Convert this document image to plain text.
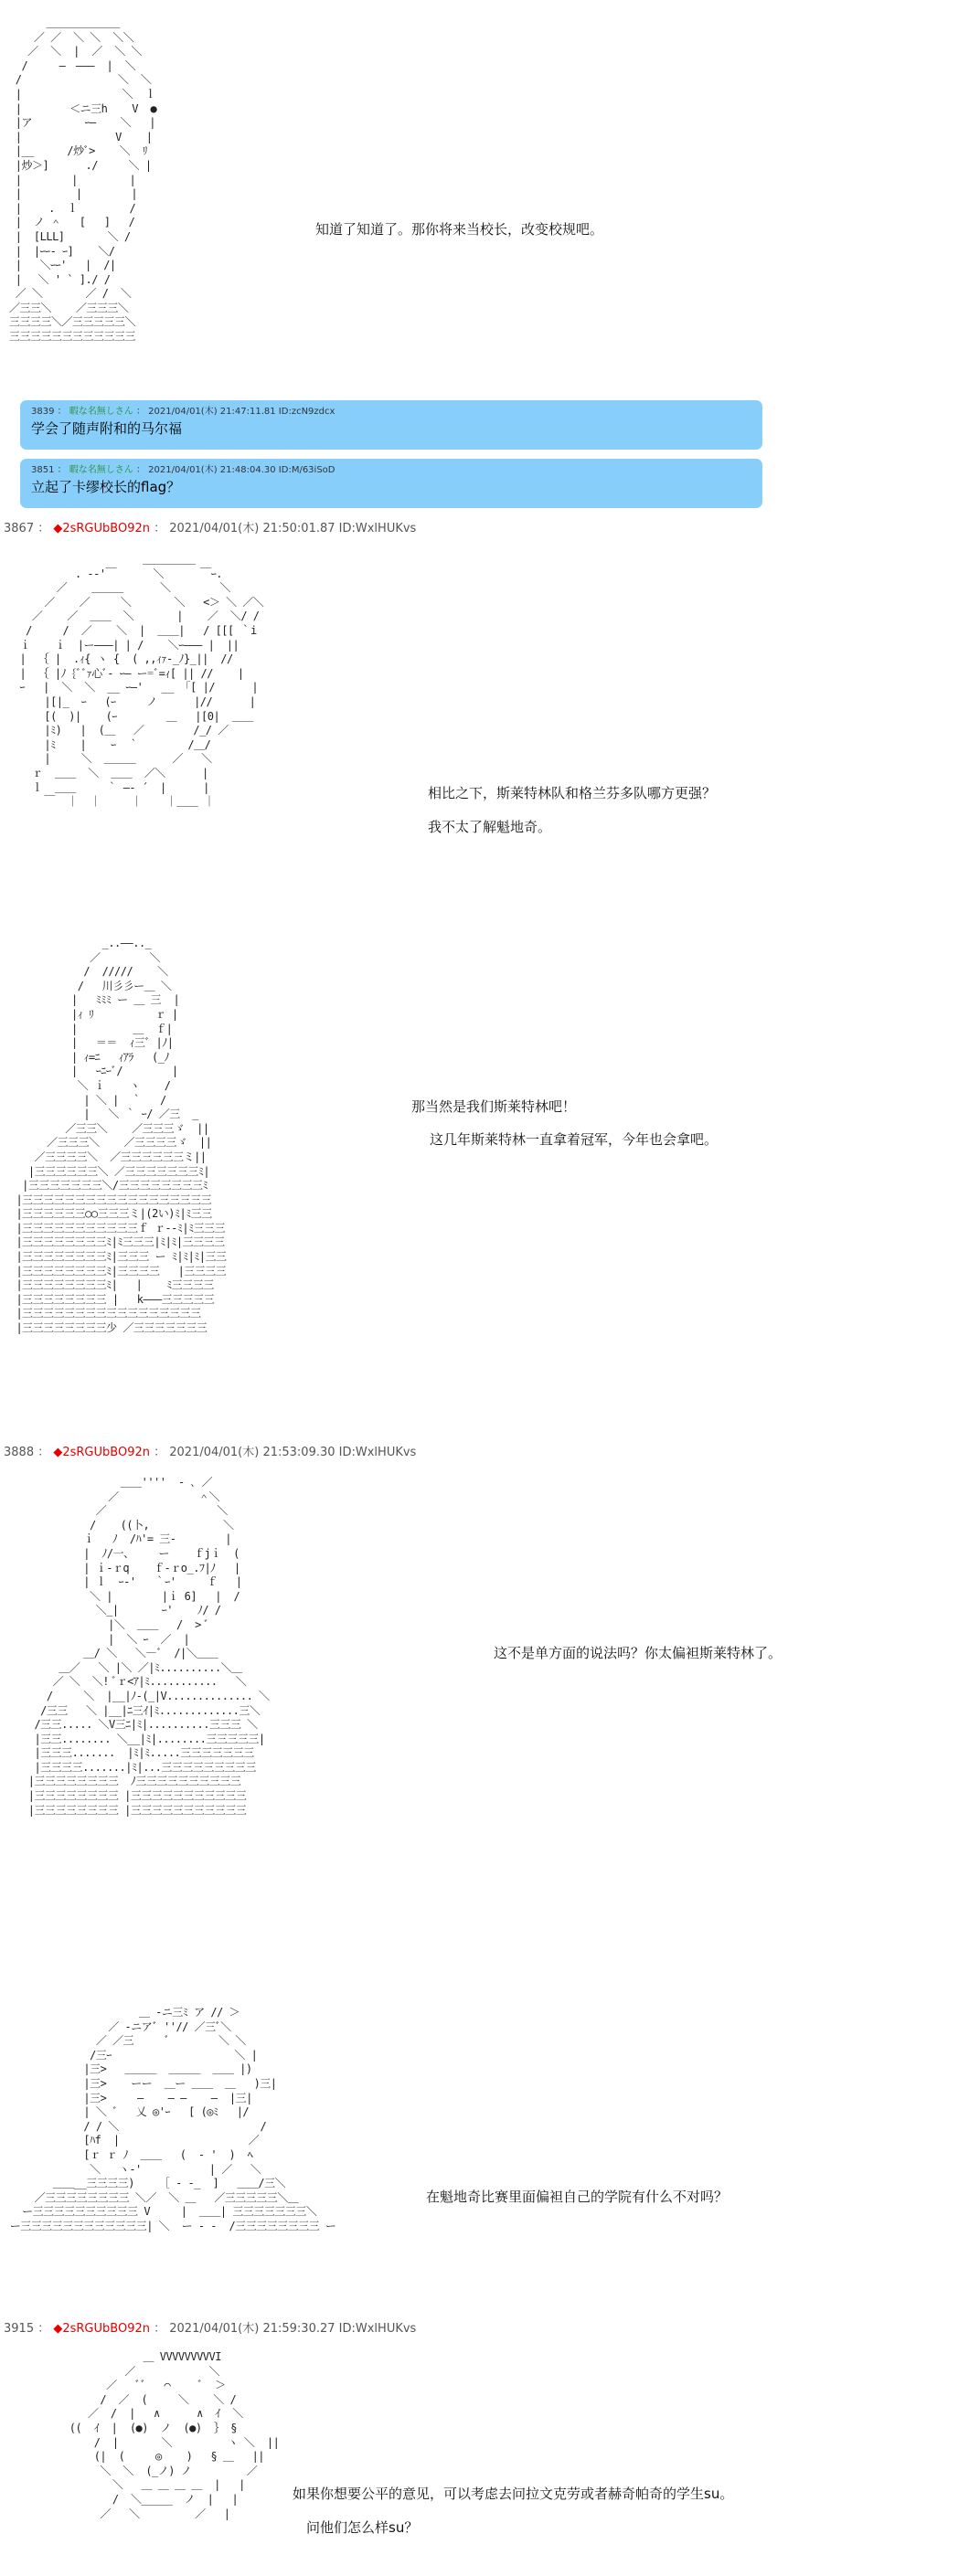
＿＿＿＿＿＿＿
／ ／  ＼ ＼  ＼＼
／  ＼  |  ／  ＼ ＼
/　　　―　―――  |  ＼
/　　　　　　　　  ＼  ＼
|　　　　　　　　　 ＼  ｌ
|　　　　 ＜ニ三h    V  ●
|ア　　　　　ｰ―    ＼   |
|　　　　　　     V    |
|__  　　/炒ﾞ>    ＼  ﾘ
|炒＞]      ./     ＼ |
|　　　   |　　     |
|　　　　  |        |
|　　 .  ｌ　　     /
|  ノ ＾   [   ]   /
|  [LLL]       ＼ /
|  |ｰｰ- ｰ]    ＼/
|   ＼ｰｰ'   |  /|
|　 ＼ ' ` ]./ /
／ ＼       ／ /  ＼
／三三＼    ／三三三＼
三三三三＼／三三三三三＼
三三三三三三三三三三三三

知道了知道了。那你将来当校长，改变校规吧。
3839 ： 暇な名無しさん ： 2021/04/01(木) 21:47:11.81 ID:zcN9zdcx
学会了随声附和的马尔福
3851 ： 暇な名無しさん ： 2021/04/01(木) 21:48:04.30 ID:M/63iSoD
立起了卡缪校长的flag？
3867 ： ◆2sRGUbBO92n ： 2021/04/01(木) 21:50:01.87 ID:WxlHUKvs
＿＿＿＿＿
. -‐'￣      ＼      ￣ｰ.
／    ＿＿＿      ＼        ＼
／    ／     ＼       ＼   <＞ ＼ ／＼
／    ／  ＿＿  ＼       |    ／  ＼/ /
/     /  ／    ＼  |  ＿＿|   / [[[ ｀i
ｉ    ｉ  |ー―――| | /    ＼ｰ――― |  ||
|  ｛ |  .ｨ{ ヽ {  ( ,,ｨｧ-_ﾉ}_||  //
|  ｛ |ﾉ {ﾞﾞｧ心ﾞ- ｰ― ー=ﾞ=ｨ[ || //    |
ｰ   |  ＼  ＼  __ ｰ―'   __ 「[ |/      |
|[|_  ｰ   (ｰ     ノ      |//      |
[(  )|    (ｰ        ＿   |[0|  ＿＿
|ﾐ)   |  (＿   ／        /_/ ／
|ﾐ    |    ｰ  ｀        /＿/
|     ＼  ＿＿＿      ／   ＼
ｒ  ＿＿  ＼  ＿＿  ／＼      |
ｌ  ＿＿     ｀ ―‐ ´  |      |
￣  ｜  ｜     ｜    ｜＿＿ ｜

相比之下，斯莱特林队和格兰芬多队哪方更强？
我不太了解魁地奇。
_..――.._
／        ＼
/  /////    ＼
/   川彡彡ー＿ ＼
|   ﾐﾐﾐ ー ＿ 三  |
|ｨ ﾘ          ｒ |
|         ＿  ｆ|
|   ＝＝  ｨ三ﾞ |ﾉ|
| ｨ=ﾆ   ｨｱﾗ   (_ﾉ
|   ｰﾆｰﾞ/        |
＼ ｉ    ヽ    /
| ＼ |  ｀   /
|   ＼ ｀ ｰ/ ／三  _
／三三＼    ／三三三ゞ  ||
／三三三＼    ／三三三三ゞ  ||
／三三三三＼  ／三三三三三三ミ||
|三三三三三三＼ ／三三三三三三三ﾐ|
|三三三三三三三＼/三三三三三三三三ﾐ
|三三三三三三三三三三三三三三三三三三
|三三三三三三○○三三三ミ|(2い)ﾐ|ﾐ三三
|三三三三三三三三三三三ｆ ｒ-‐ﾐ|ﾐ三三三
|三三三三三三三三ﾐ|ﾐ三三三|ﾐ|ﾐ|三三三三
|三三三三三三三三ﾐ|三三三 ー ﾐ|ﾐ|ﾐ|三三
|三三三三三三三三ﾐ|三三三三   |三三三三
|三三三三三三三三ﾐ|   |    ﾐ三三三三
|三三三三三三三三 |   k―――三三三三三
|三三三三三三三三三三三三三三三三三
|三三三三三三三三少 ／三三三三三三三

那当然是我们斯莱特林吧！
这几年斯莱特林一直拿着冠军，今年也会拿吧。
3888 ： ◆2sRGUbBO92n ： 2021/04/01(木) 21:53:09.30 ID:WxlHUKvs
＿＿''''  - ､ ／
／             ＾＼
／                  ＼
/    ((卜,            ＼
ｉ   ﾉ  /ﾊ'= 三-        |
|  ﾉ/一、    ー    ｆjｉ  (
| ｉ-ｒq    ｆ-ｒo_.ﾌ|ﾉ   |
| ｌ  ｰ-'   ｀ｰ'     ｆ   |
＼ |        |ｉ 6]   |  /
＼_|       ｰ'    ﾉ/ /
|＼  ＿＿   /  > ﾞ
|  ＼ ｰ  ／  |
＿/ ＼   ＼―ﾞ  /|＼＿＿
＿／   ＼ |＼ ／|ﾐ..........＼＿
／ ＼  ＼! ﾞｒ<ｱ|ﾐ...........   ＼
/     ＼  |__|ﾉ-(_|V.............. ＼
/三三   ＼ |__|ﾆ三ｲ|ﾐ.............三＼
/三三..... ＼V三ﾆ|ﾐ|..........三三三 ＼
|三三........ ＼__|ﾐ|........三三三三三|
|三三三.......  |ﾐ|ﾐ.....三三三三三三三
|三三三三.......|ﾐ|...三三三三三三三三三
|三三三三三三三三  ﾉ三三三三三三三三三三
|三三三三三三三三 |三三三三三三三三三三三
|三三三三三三三三 |三三三三三三三三三三三

这不是单方面的说法吗？你太偏袒斯莱特林了。
＿ -ニ三ﾐ ア // ＞
／ -ニアﾞ ''// ／三ﾞ＼
／ ／三     ﾞ        ＼ ＼
/三ｰ                    ＼ |
|三>   ＿＿＿  ＿＿＿  ＿＿ |)
|三>    ーー  ＿ー ＿＿  ＿   )三|
|三>     ―    ― ―    ―  |三|
| ＼ ﾞ   乂 ◎'ｰ   [ (◎ﾐ   |/
/ / ＼                       /
[ﾊf  |                     ／
[ｒ ｒ ﾉ  ＿＿   (  - '  )  ﾍ
＼   ヽ-'           | ／   ＼
＿＿__三三三三)    ［ - -_  ]   ＿＿/三＼
／三三三三三三三三 ＼／  ＼ ＿   ／三三三三三＼＿
ー三三三三三三三三三三 V     |  ＿＿| 三三三三三三三＼
ー三三三三三三三三三三三三| ＼  ー - -  /三三三三三三三三 ー

在魁地奇比赛里面偏袒自己的学院有什么不对吗？
3915 ： ◆2sRGUbBO92n ： 2021/04/01(木) 21:59:30.27 ID:WxlHUKvs
＿ VVVVVVVVVI
／            ＼
／   ﾞﾞ   ⌒     ﾞ  ＞
/  ／  (     ＼    ＼ /
／  /  |   ∧      ∧  ｲ  ＼
((  ｲ  |  (●)  ノ  (●)  ｝ §
/  |       ＼         ヽ ＼  ||
(|  (     ◎    )   § ＿   ||
＼  ＼  (_ノ) ノ         ／
＼   ＿ ＿ ＿ ＿  |   |
/  ＼_____  ノ  |   |
／   ＼         ／   |

如果你想要公平的意见，可以考虑去问拉文克劳或者赫奇帕奇的学生su。
问他们怎么样su？
